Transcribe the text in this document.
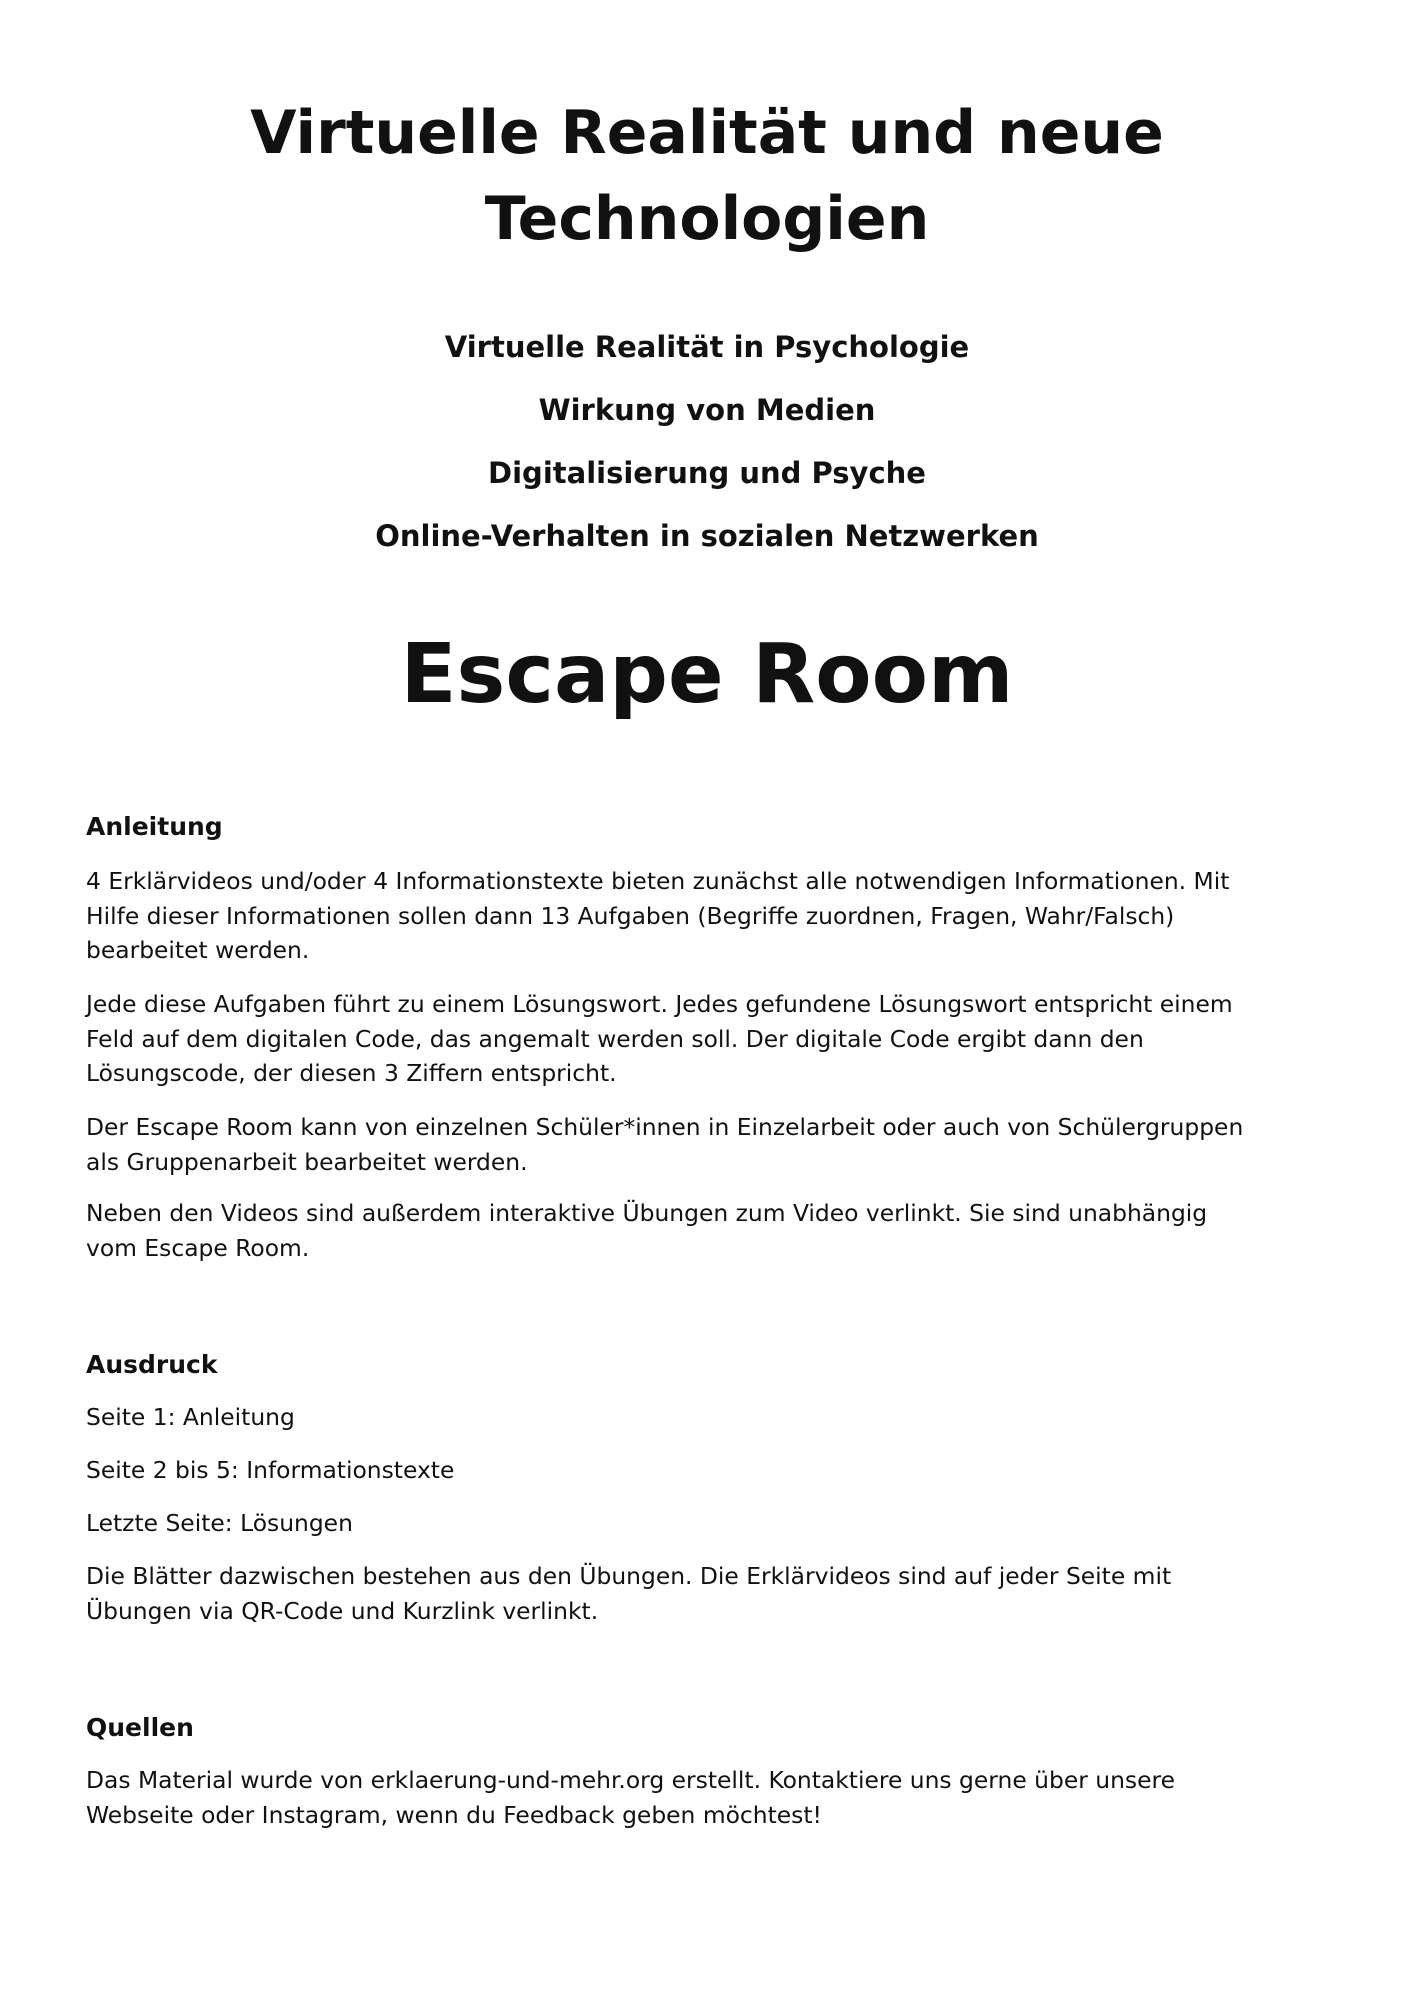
Virtuelle Realität und neue
Technologien
Virtuelle Realität in Psychologie
Wirkung von Medien
Digitalisierung und Psyche
Online-Verhalten in sozialen Netzwerken
Escape Room
Anleitung

4 Erklärvideos und/oder 4 Informationstexte bieten zunächst alle notwendigen Informationen. Mit
Hilfe dieser Informationen sollen dann 13 Aufgaben (Begriffe zuordnen, Fragen, Wahr/Falsch)
bearbeitet werden.

Jede diese Aufgaben führt zu einem Lösungswort. Jedes gefundene Lösungswort entspricht einem
Feld auf dem digitalen Code, das angemalt werden soll. Der digitale Code ergibt dann den
Lösungscode, der diesen 3 Ziffern entspricht.

Der Escape Room kann von einzelnen Schüler*innen in Einzelarbeit oder auch von Schülergruppen
als Gruppenarbeit bearbeitet werden.

Neben den Videos sind außerdem interaktive Übungen zum Video verlinkt. Sie sind unabhängig
vom Escape Room.

Ausdruck

Seite 1: Anleitung

Seite 2 bis 5: Informationstexte

Letzte Seite: Lösungen

Die Blätter dazwischen bestehen aus den Übungen. Die Erklärvideos sind auf jeder Seite mit
Übungen via QR-Code und Kurzlink verlinkt.

Quellen

Das Material wurde von erklaerung-und-mehr.org erstellt. Kontaktiere uns gerne über unsere
Webseite oder Instagram, wenn du Feedback geben möchtest!
